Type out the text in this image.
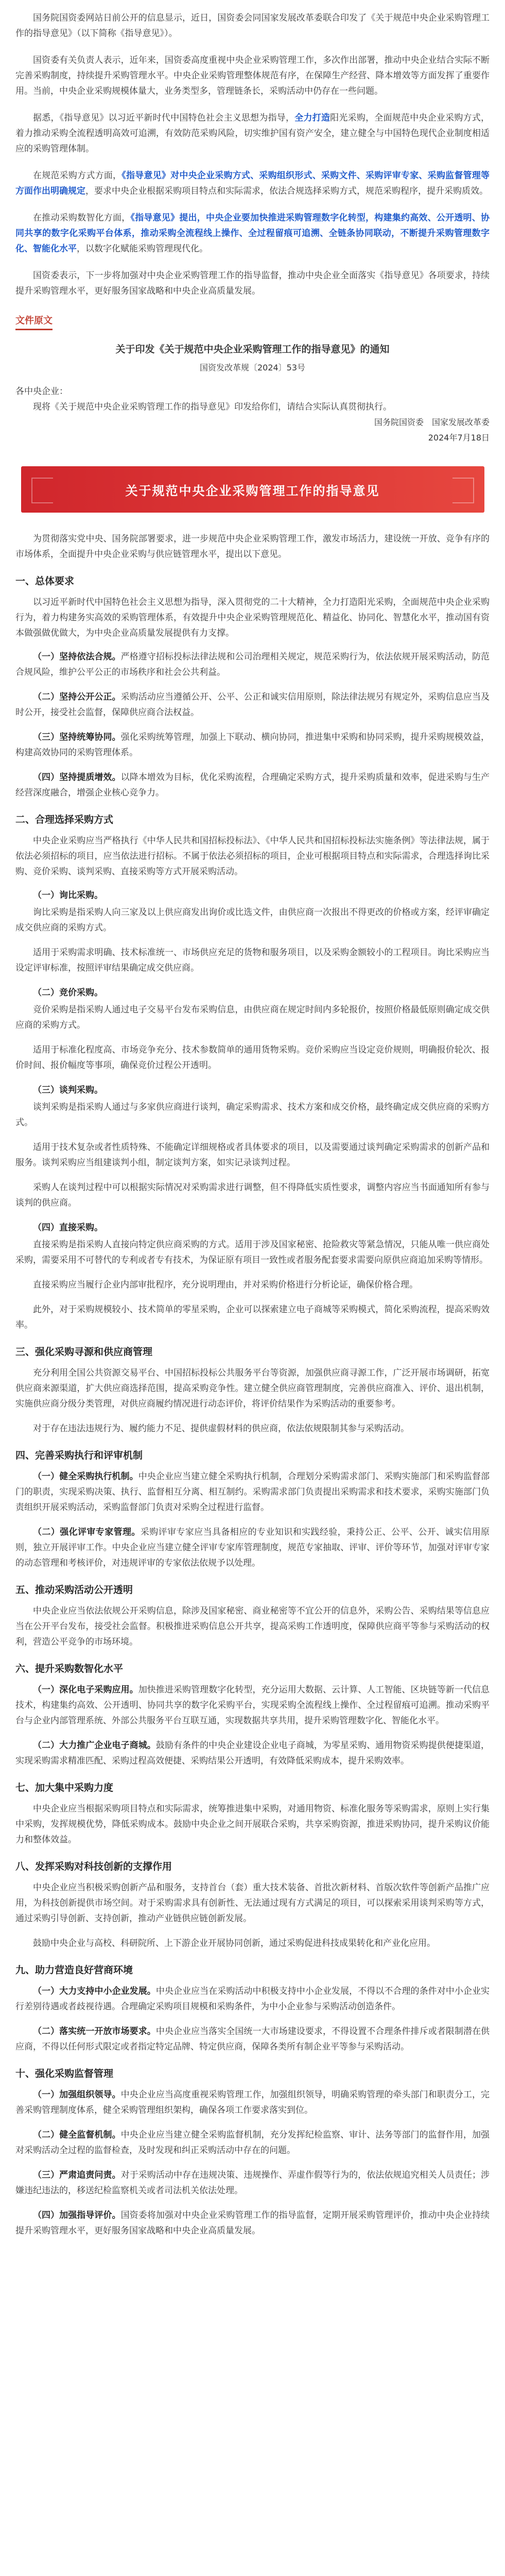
国务院国资委网站日前公开的信息显示，近日，国资委会同国家发展改革委联合印发了《关于规范中央企业采购管理工作的指导意见》（以下简称《指导意见》）。

国资委有关负责人表示，近年来，国资委高度重视中央企业采购管理工作，多次作出部署，推动中央企业结合实际不断完善采购制度，持续提升采购管理水平。中央企业采购管理整体规范有序，在保障生产经营、降本增效等方面发挥了重要作用。当前，中央企业采购规模体量大，业务类型多，管理链条长，采购活动中仍存在一些问题。

据悉，《指导意见》以习近平新时代中国特色社会主义思想为指导，全力打造阳光采购，全面规范中央企业采购方式，着力推动采购全流程透明高效可追溯，有效防范采购风险，切实维护国有资产安全，建立健全与中国特色现代企业制度相适应的采购管理体制。

在规范采购方式方面，《指导意见》对中央企业采购方式、采购组织形式、采购文件、采购评审专家、采购监督管理等方面作出明确规定，要求中央企业根据采购项目特点和实际需求，依法合规选择采购方式，规范采购程序，提升采购质效。

在推动采购数智化方面，《指导意见》提出，中央企业要加快推进采购管理数字化转型，构建集约高效、公开透明、协同共享的数字化采购平台体系，推动采购全流程线上操作、全过程留痕可追溯、全链条协同联动，不断提升采购管理数字化、智能化水平，以数字化赋能采购管理现代化。

国资委表示，下一步将加强对中央企业采购管理工作的指导监督，推动中央企业全面落实《指导意见》各项要求，持续提升采购管理水平，更好服务国家战略和中央企业高质量发展。

文件原文

关于印发《关于规范中央企业采购管理工作的指导意见》的通知

国资发改革规〔2024〕53号

各中央企业：

现将《关于规范中央企业采购管理工作的指导意见》印发给你们，请结合实际认真贯彻执行。

国务院国资委　国家发展改革委

2024年7月18日

关于规范中央企业采购管理工作的指导意见

为贯彻落实党中央、国务院部署要求，进一步规范中央企业采购管理工作，激发市场活力，建设统一开放、竞争有序的市场体系，全面提升中央企业采购与供应链管理水平，提出以下意见。

一、总体要求

以习近平新时代中国特色社会主义思想为指导，深入贯彻党的二十大精神，全力打造阳光采购，全面规范中央企业采购行为，着力构建务实高效的采购管理体系，有效提升中央企业采购管理规范化、精益化、协同化、智慧化水平，推动国有资本做强做优做大，为中央企业高质量发展提供有力支撑。

（一）坚持依法合规。严格遵守招标投标法律法规和公司治理相关规定，规范采购行为，依法依规开展采购活动，防范合规风险，维护公平公正的市场秩序和社会公共利益。

（二）坚持公开公正。采购活动应当遵循公开、公平、公正和诚实信用原则，除法律法规另有规定外，采购信息应当及时公开，接受社会监督，保障供应商合法权益。

（三）坚持统筹协同。强化采购统筹管理，加强上下联动、横向协同，推进集中采购和协同采购，提升采购规模效益，构建高效协同的采购管理体系。

（四）坚持提质增效。以降本增效为目标，优化采购流程，合理确定采购方式，提升采购质量和效率，促进采购与生产经营深度融合，增强企业核心竞争力。

二、合理选择采购方式

中央企业采购应当严格执行《中华人民共和国招标投标法》、《中华人民共和国招标投标法实施条例》等法律法规，属于依法必须招标的项目，应当依法进行招标。不属于依法必须招标的项目，企业可根据项目特点和实际需求，合理选择询比采购、竞价采购、谈判采购、直接采购等方式开展采购活动。

（一）询比采购。

询比采购是指采购人向三家及以上供应商发出询价或比选文件，由供应商一次报出不得更改的价格或方案，经评审确定成交供应商的采购方式。

适用于采购需求明确、技术标准统一、市场供应充足的货物和服务项目，以及采购金额较小的工程项目。询比采购应当设定评审标准，按照评审结果确定成交供应商。

（二）竞价采购。

竞价采购是指采购人通过电子交易平台发布采购信息，由供应商在规定时间内多轮报价，按照价格最低原则确定成交供应商的采购方式。

适用于标准化程度高、市场竞争充分、技术参数简单的通用货物采购。竞价采购应当设定竞价规则，明确报价轮次、报价时间、报价幅度等事项，确保竞价过程公开透明。

（三）谈判采购。

谈判采购是指采购人通过与多家供应商进行谈判，确定采购需求、技术方案和成交价格，最终确定成交供应商的采购方式。

适用于技术复杂或者性质特殊、不能确定详细规格或者具体要求的项目，以及需要通过谈判确定采购需求的创新产品和服务。谈判采购应当组建谈判小组，制定谈判方案，如实记录谈判过程。

采购人在谈判过程中可以根据实际情况对采购需求进行调整，但不得降低实质性要求，调整内容应当书面通知所有参与谈判的供应商。

（四）直接采购。

直接采购是指采购人直接向特定供应商采购的方式。适用于涉及国家秘密、抢险救灾等紧急情况，只能从唯一供应商处采购，需要采用不可替代的专利或者专有技术，为保证原有项目一致性或者服务配套要求需要向原供应商追加采购等情形。

直接采购应当履行企业内部审批程序，充分说明理由，并对采购价格进行分析论证，确保价格合理。

此外，对于采购规模较小、技术简单的零星采购，企业可以探索建立电子商城等采购模式，简化采购流程，提高采购效率。

三、强化采购寻源和供应商管理

充分利用全国公共资源交易平台、中国招标投标公共服务平台等资源，加强供应商寻源工作，广泛开展市场调研，拓宽供应商来源渠道，扩大供应商选择范围，提高采购竞争性。建立健全供应商管理制度，完善供应商准入、评价、退出机制，实施供应商分级分类管理，对供应商履约情况进行动态评价，将评价结果作为采购活动的重要参考。

对于存在违法违规行为、履约能力不足、提供虚假材料的供应商，依法依规限制其参与采购活动。

四、完善采购执行和评审机制

（一）健全采购执行机制。中央企业应当建立健全采购执行机制，合理划分采购需求部门、采购实施部门和采购监督部门的职责，实现采购决策、执行、监督相互分离、相互制约。采购需求部门负责提出采购需求和技术要求，采购实施部门负责组织开展采购活动，采购监督部门负责对采购全过程进行监督。

（二）强化评审专家管理。采购评审专家应当具备相应的专业知识和实践经验，秉持公正、公平、公开、诚实信用原则，独立开展评审工作。中央企业应当建立健全评审专家库管理制度，规范专家抽取、评审、评价等环节，加强对评审专家的动态管理和考核评价，对违规评审的专家依法依规予以处理。

五、推动采购活动公开透明

中央企业应当依法依规公开采购信息，除涉及国家秘密、商业秘密等不宜公开的信息外，采购公告、采购结果等信息应当在公开平台发布，接受社会监督。积极推进采购信息公开共享，提高采购工作透明度，保障供应商平等参与采购活动的权利，营造公平竞争的市场环境。

六、提升采购数智化水平

（一）深化电子采购应用。加快推进采购管理数字化转型，充分运用大数据、云计算、人工智能、区块链等新一代信息技术，构建集约高效、公开透明、协同共享的数字化采购平台，实现采购全流程线上操作、全过程留痕可追溯。推动采购平台与企业内部管理系统、外部公共服务平台互联互通，实现数据共享共用，提升采购管理数字化、智能化水平。

（二）大力推广企业电子商城。鼓励有条件的中央企业建设企业电子商城，为零星采购、通用物资采购提供便捷渠道，实现采购需求精准匹配、采购过程高效便捷、采购结果公开透明，有效降低采购成本，提升采购效率。

七、加大集中采购力度

中央企业应当根据采购项目特点和实际需求，统筹推进集中采购，对通用物资、标准化服务等采购需求，原则上实行集中采购，发挥规模优势，降低采购成本。鼓励中央企业之间开展联合采购，共享采购资源，推进采购协同，提升采购议价能力和整体效益。

八、发挥采购对科技创新的支撑作用

中央企业应当积极采购创新产品和服务，支持首台（套）重大技术装备、首批次新材料、首版次软件等创新产品推广应用，为科技创新提供市场空间。对于采购需求具有创新性、无法通过现有方式满足的项目，可以探索采用谈判采购等方式，通过采购引导创新、支持创新，推动产业链供应链创新发展。

鼓励中央企业与高校、科研院所、上下游企业开展协同创新，通过采购促进科技成果转化和产业化应用。

九、助力营造良好营商环境

（一）大力支持中小企业发展。中央企业应当在采购活动中积极支持中小企业发展，不得以不合理的条件对中小企业实行差别待遇或者歧视待遇。合理确定采购项目规模和采购条件，为中小企业参与采购活动创造条件。

（二）落实统一开放市场要求。中央企业应当落实全国统一大市场建设要求，不得设置不合理条件排斥或者限制潜在供应商，不得以任何形式限定或者指定特定品牌、特定供应商，保障各类所有制企业平等参与采购活动。

十、强化采购监督管理

（一）加强组织领导。中央企业应当高度重视采购管理工作，加强组织领导，明确采购管理的牵头部门和职责分工，完善采购管理制度体系，健全采购管理组织架构，确保各项工作要求落实到位。

（二）健全监督机制。中央企业应当建立健全采购监督机制，充分发挥纪检监察、审计、法务等部门的监督作用，加强对采购活动全过程的监督检查，及时发现和纠正采购活动中存在的问题。

（三）严肃追责问责。对于采购活动中存在违规决策、违规操作、弄虚作假等行为的，依法依规追究相关人员责任；涉嫌违纪违法的，移送纪检监察机关或者司法机关依法处理。

（四）加强指导评价。国资委将加强对中央企业采购管理工作的指导监督，定期开展采购管理评价，推动中央企业持续提升采购管理水平，更好服务国家战略和中央企业高质量发展。
